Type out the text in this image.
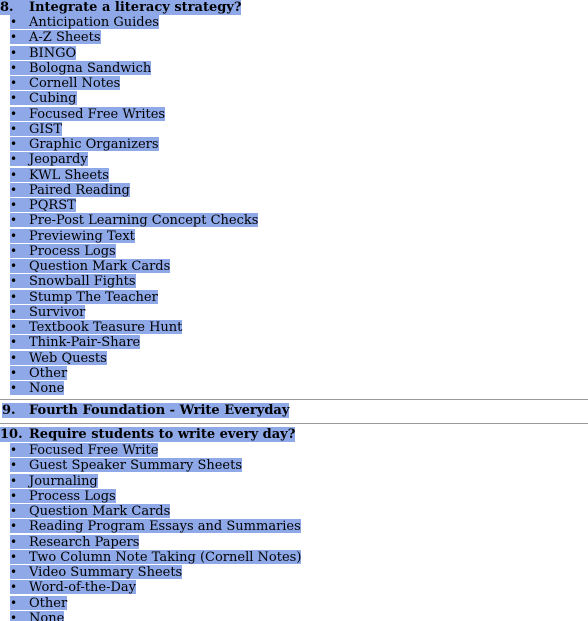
8. Integrate a literacy strategy?
• Anticipation Guides
• A-Z Sheets
• BINGO
• Bologna Sandwich
• Cornell Notes
• Cubing
• Focused Free Writes
• GIST
• Graphic Organizers
• Jeopardy
• KWL Sheets
• Paired Reading
• PQRST
• Pre-Post Learning Concept Checks
• Previewing Text
• Process Logs
• Question Mark Cards
• Snowball Fights
• Stump The Teacher
• Survivor
• Textbook Teasure Hunt
• Think-Pair-Share
• Web Quests
• Other
• None
9. Fourth Foundation - Write Everyday
10. Require students to write every day?
• Focused Free Write
• Guest Speaker Summary Sheets
• Journaling
• Process Logs
• Question Mark Cards
• Reading Program Essays and Summaries
• Research Papers
• Two Column Note Taking (Cornell Notes)
• Video Summary Sheets
• Word-of-the-Day
• Other
• None
